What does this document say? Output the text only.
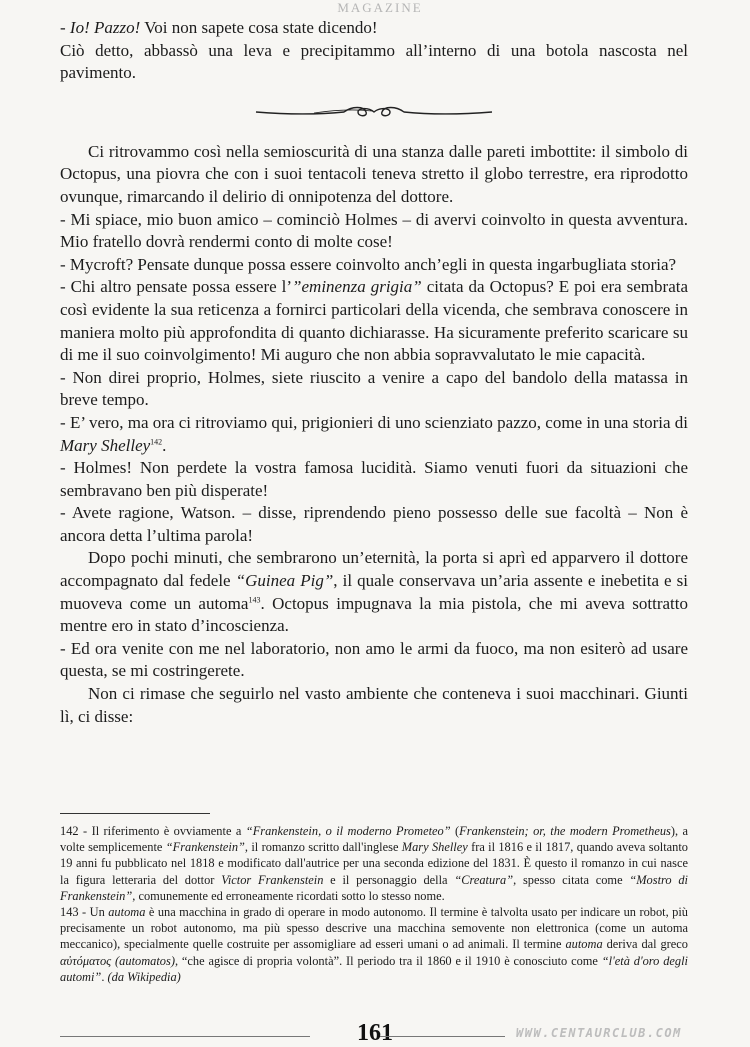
MAGAZINE

- Io! Pazzo! Voi non sapete cosa state dicendo!

Ciò detto, abbassò una leva e precipitammo all’interno di una botola nascosta nel pavimento.

Ci ritrovammo così nella semioscurità di una stanza dalle pareti imbottite: il simbolo di Octopus, una piovra che con i suoi tentacoli teneva stretto il globo terrestre, era riprodotto ovunque, rimarcando il delirio di onnipotenza del dottore.

- Mi spiace, mio buon amico – cominciò Holmes – di avervi coinvolto in questa avventura. Mio fratello dovrà rendermi conto di molte cose!

- Mycroft? Pensate dunque possa essere coinvolto anch’egli in questa ingarbugliata storia?

- Chi altro pensate possa essere l’”eminenza grigia” citata da Octopus? E poi era sembrata così evidente la sua reticenza a fornirci particolari della vicenda, che sembrava conoscere in maniera molto più approfondita di quanto dichiarasse. Ha sicuramente preferito scaricare su di me il suo coinvolgimento! Mi auguro che non abbia sopravvalutato le mie capacità.

- Non direi proprio, Holmes, siete riuscito a venire a capo del bandolo della matassa in breve tempo.

- E’ vero, ma ora ci ritroviamo qui, prigionieri di uno scienziato pazzo, come in una storia di Mary Shelley$^{142}$.

- Holmes! Non perdete la vostra famosa lucidità. Siamo venuti fuori da situazioni che sembravano ben più disperate!

- Avete ragione, Watson. – disse, riprendendo pieno possesso delle sue facoltà – Non è ancora detta l’ultima parola!

Dopo pochi minuti, che sembrarono un’eternità, la porta si aprì ed apparvero il dottore accompagnato dal fedele “Guinea Pig”, il quale conservava un’aria assente e inebetita e si muoveva come un automa$^{143}$. Octopus impugnava la mia pistola, che mi aveva sottratto mentre ero in stato d’incoscienza.

- Ed ora venite con me nel laboratorio, non amo le armi da fuoco, ma non esiterò ad usare questa, se mi costringerete.

Non ci rimase che seguirlo nel vasto ambiente che conteneva i suoi macchinari. Giunti lì, ci disse:

142 - Il riferimento è ovviamente a “Frankenstein, o il moderno Prometeo” (Frankenstein; or, the modern Prometheus), a volte semplicemente “Frankenstein”, il romanzo scritto dall'inglese Mary Shelley fra il 1816 e il 1817, quando aveva soltanto 19 anni fu pubblicato nel 1818 e modificato dall'autrice per una seconda edizione del 1831. È questo il romanzo in cui nasce la figura letteraria del dottor Victor Frankenstein e il personaggio della “Creatura”, spesso citata come “Mostro di Frankenstein”, comunemente ed erroneamente ricordati sotto lo stesso nome.

143 - Un automa è una macchina in grado di operare in modo autonomo. Il termine è talvolta usato per indicare un robot, più precisamente un robot autonomo, ma più spesso descrive una macchina semovente non elettronica (come un automa meccanico), specialmente quelle costruite per assomigliare ad esseri umani o ad animali. Il termine automa deriva dal greco αὐτόματος (automatos), “che agisce di propria volontà”. Il periodo tra il 1860 e il 1910 è conosciuto come “l'età d'oro degli automi”. (da Wikipedia)

161	WWW.CENTAURCLUB.COM
